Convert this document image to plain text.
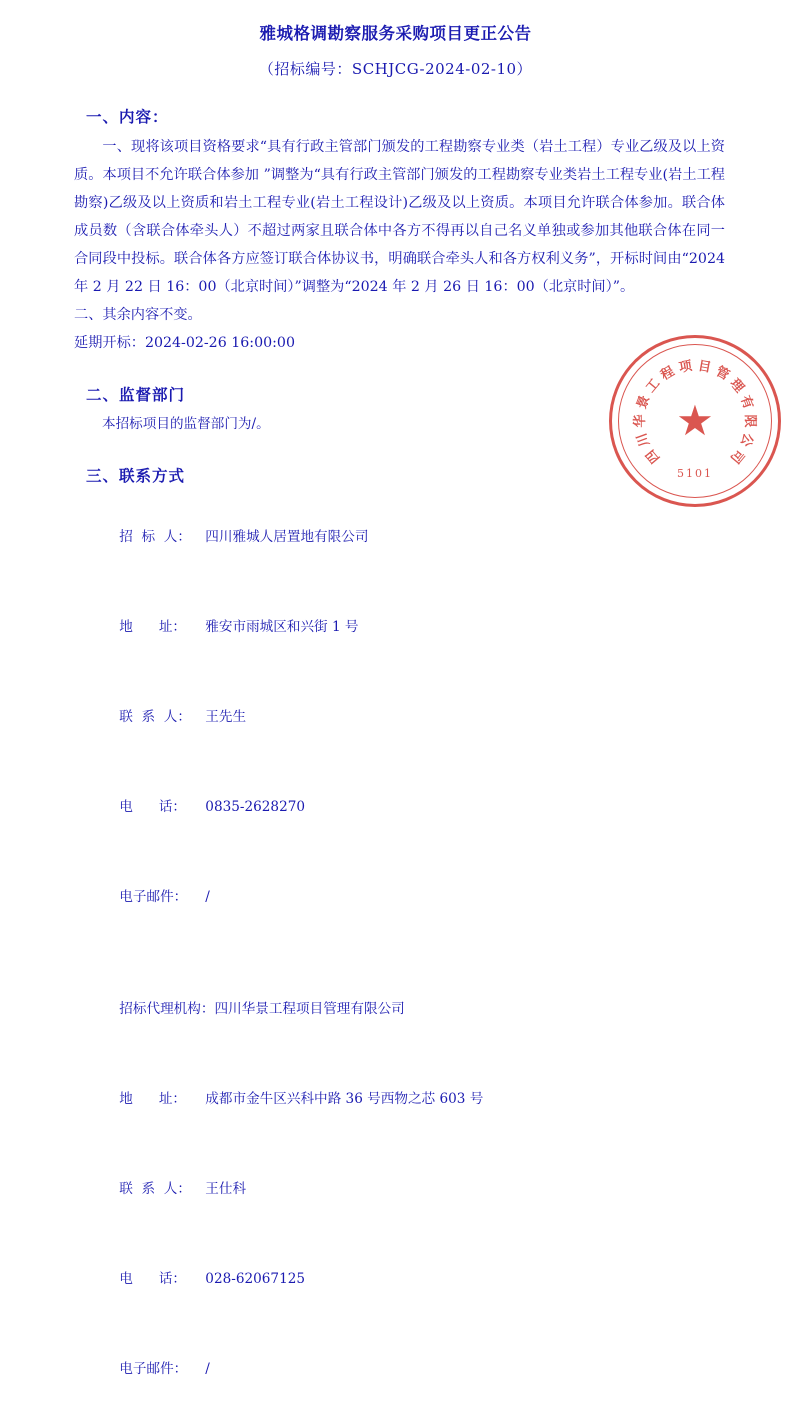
雅城格调勘察服务采购项目更正公告
（招标编号：SCHJCG-2024-02-10）
一、内容：
一、现将该项目资格要求“具有行政主管部门颁发的工程勘察专业类（岩土工程）专业乙级及以上资质。本项目不允许联合体参加 ”调整为“具有行政主管部门颁发的工程勘察专业类岩土工程专业(岩土工程勘察)乙级及以上资质和岩土工程专业(岩土工程设计)乙级及以上资质。本项目允许联合体参加。联合体成员数（含联合体牵头人）不超过两家且联合体中各方不得再以自己名义单独或参加其他联合体在同一合同段中投标。联合体各方应签订联合体协议书，明确联合牵头人和各方权利义务”，开标时间由“2024 年 2 月 22 日 16：00（北京时间）”调整为“2024 年 2 月 26 日 16：00（北京时间）”。
二、其余内容不变。
延期开标：2024-02-26 16:00:00
二、监督部门
本招标项目的监督部门为/。
三、联系方式

招  标  人： 四川雅城人居置地有限公司

地      址： 雅安市雨城区和兴街 1 号

联  系  人： 王先生

电      话： 0835-2628270

电子邮件： /

招标代理机构：四川华景工程项目管理有限公司

地      址： 成都市金牛区兴科中路 36 号西物之芯 603 号

联  系  人： 王仕科

电      话： 028-62067125

电子邮件： /

四
川
华
景
工
程 项 目 管
理
有
限
公
司
★
5101
